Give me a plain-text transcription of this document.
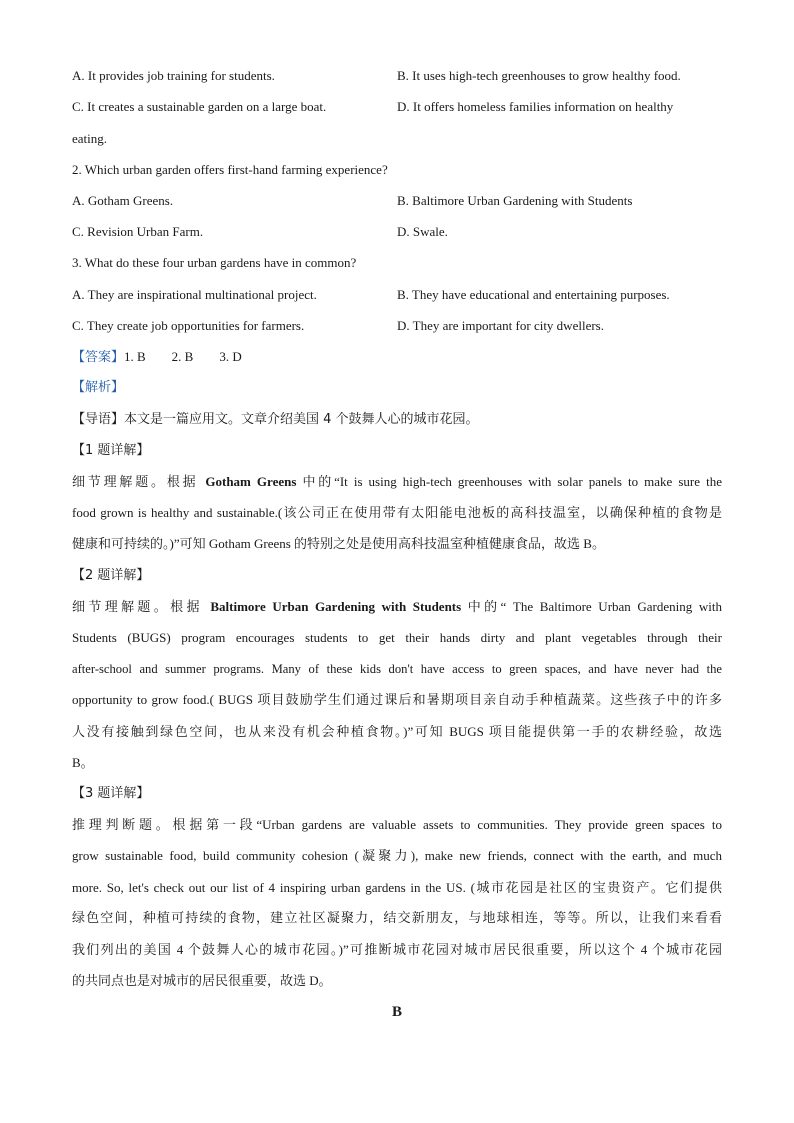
A. It provides job training for students.	B. It uses high-tech greenhouses to grow healthy food.
C. It creates a sustainable garden on a large boat.	D. It offers homeless families information on healthy
eating.
2. Which urban garden offers first-hand farming experience?
A. Gotham Greens.	B. Baltimore Urban Gardening with Students
C. Revision Urban Farm.	D. Swale.
3. What do these four urban gardens have in common?
A. They are inspirational multinational project.	B. They have educational and entertaining purposes.
C. They create job opportunities for farmers.	D. They are important for city dwellers.
【答案】1. B        2. B        3. D
【解析】
【导语】本文是一篇应用文。文章介绍美国 4 个鼓舞人心的城市花园。
【1 题详解】
细节理解题。根据 Gotham Greens 中的“It is using high-tech greenhouses with solar panels to make sure the
food grown is healthy and sustainable.(该公司正在使用带有太阳能电池板的高科技温室，以确保种植的食物是
健康和可持续的。)”可知 Gotham Greens 的特别之处是使用高科技温室种植健康食品，故选 B。
【2 题详解】
细节理解题。根据 Baltimore Urban Gardening with Students 中的“ The Baltimore Urban Gardening with
Students (BUGS) program encourages students to get their hands dirty and plant vegetables through their
after-school and summer programs. Many of these kids don't have access to green spaces, and have never had the
opportunity to grow food.( BUGS 项目鼓励学生们通过课后和暑期项目亲自动手种植蔬菜。这些孩子中的许多
人没有接触到绿色空间，也从来没有机会种植食物。)”可知 BUGS 项目能提供第一手的农耕经验，故选
B。
【3 题详解】
推理判断题。根据第一段“Urban gardens are valuable assets to communities. They provide green spaces to
grow sustainable food, build community cohesion (凝聚力), make new friends, connect with the earth, and much
more. So, let's check out our list of 4 inspiring urban gardens in the US. (城市花园是社区的宝贵资产。它们提供
绿色空间，种植可持续的食物，建立社区凝聚力，结交新朋友，与地球相连，等等。所以，让我们来看看
我们列出的美国 4 个鼓舞人心的城市花园。)”可推断城市花园对城市居民很重要，所以这个 4 个城市花园
的共同点也是对城市的居民很重要，故选 D。
B
